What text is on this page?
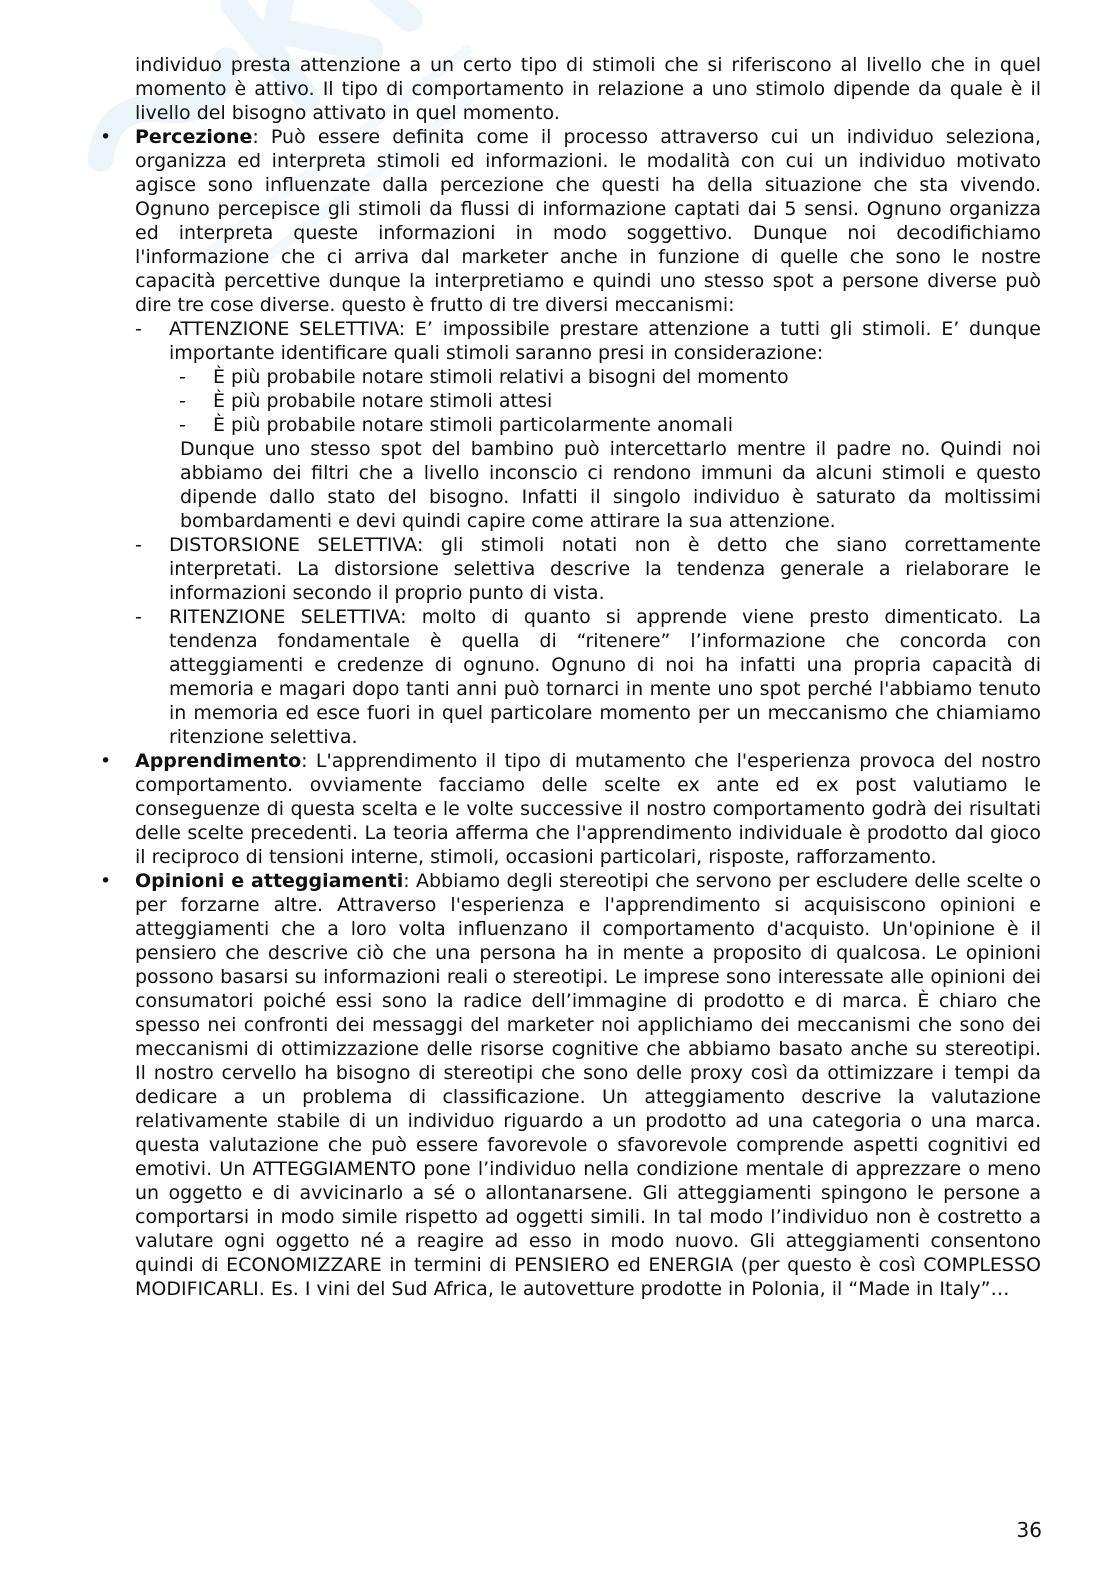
individuo presta attenzione a un certo tipo di stimoli che si riferiscono al livello che in quel momento è attivo. Il tipo di comportamento in relazione a uno stimolo dipende da quale è il livello del bisogno attivato in quel momento.

• Percezione: Può essere definita come il processo attraverso cui un individuo seleziona, organizza ed interpreta stimoli ed informazioni. le modalità con cui un individuo motivato agisce sono influenzate dalla percezione che questi ha della situazione che sta vivendo. Ognuno percepisce gli stimoli da flussi di informazione captati dai 5 sensi. Ognuno organizza ed interpreta queste informazioni in modo soggettivo. Dunque noi decodifichiamo l'informazione che ci arriva dal marketer anche in funzione di quelle che sono le nostre capacità percettive dunque la interpretiamo e quindi uno stesso spot a persone diverse può dire tre cose diverse. questo è frutto di tre diversi meccanismi:

- ATTENZIONE SELETTIVA: E’ impossibile prestare attenzione a tutti gli stimoli. E’ dunque importante identificare quali stimoli saranno presi in considerazione:

- È più probabile notare stimoli relativi a bisogni del momento

- È più probabile notare stimoli attesi

- È più probabile notare stimoli particolarmente anomali

Dunque uno stesso spot del bambino può intercettarlo mentre il padre no. Quindi noi abbiamo dei filtri che a livello inconscio ci rendono immuni da alcuni stimoli e questo dipende dallo stato del bisogno. Infatti il singolo individuo è saturato da moltissimi bombardamenti e devi quindi capire come attirare la sua attenzione.

- DISTORSIONE SELETTIVA: gli stimoli notati non è detto che siano correttamente interpretati. La distorsione selettiva descrive la tendenza generale a rielaborare le informazioni secondo il proprio punto di vista.

- RITENZIONE SELETTIVA: molto di quanto si apprende viene presto dimenticato. La tendenza fondamentale è quella di “ritenere” l’informazione che concorda con atteggiamenti e credenze di ognuno. Ognuno di noi ha infatti una propria capacità di memoria e magari dopo tanti anni può tornarci in mente uno spot perché l'abbiamo tenuto in memoria ed esce fuori in quel particolare momento per un meccanismo che chiamiamo ritenzione selettiva.

• Apprendimento: L'apprendimento il tipo di mutamento che l'esperienza provoca del nostro comportamento. ovviamente facciamo delle scelte ex ante ed ex post valutiamo le conseguenze di questa scelta e le volte successive il nostro comportamento godrà dei risultati delle scelte precedenti. La teoria afferma che l'apprendimento individuale è prodotto dal gioco il reciproco di tensioni interne, stimoli, occasioni particolari, risposte, rafforzamento.

• Opinioni e atteggiamenti: Abbiamo degli stereotipi che servono per escludere delle scelte o per forzarne altre. Attraverso l'esperienza e l'apprendimento si acquisiscono opinioni e atteggiamenti che a loro volta influenzano il comportamento d'acquisto. Un'opinione è il pensiero che descrive ciò che una persona ha in mente a proposito di qualcosa. Le opinioni possono basarsi su informazioni reali o stereotipi. Le imprese sono interessate alle opinioni dei consumatori poiché essi sono la radice dell’immagine di prodotto e di marca. È chiaro che spesso nei confronti dei messaggi del marketer noi applichiamo dei meccanismi che sono dei meccanismi di ottimizzazione delle risorse cognitive che abbiamo basato anche su stereotipi. Il nostro cervello ha bisogno di stereotipi che sono delle proxy così da ottimizzare i tempi da dedicare a un problema di classificazione. Un atteggiamento descrive la valutazione relativamente stabile di un individuo riguardo a un prodotto ad una categoria o una marca. questa valutazione che può essere favorevole o sfavorevole comprende aspetti cognitivi ed emotivi. Un ATTEGGIAMENTO pone l’individuo nella condizione mentale di apprezzare o meno un oggetto e di avvicinarlo a sé o allontanarsene. Gli atteggiamenti spingono le persone a comportarsi in modo simile rispetto ad oggetti simili. In tal modo l’individuo non è costretto a valutare ogni oggetto né a reagire ad esso in modo nuovo. Gli atteggiamenti consentono quindi di ECONOMIZZARE in termini di PENSIERO ed ENERGIA (per questo è così COMPLESSO MODIFICARLI. Es. I vini del Sud Africa, le autovetture prodotte in Polonia, il “Made in Italy”…

36
